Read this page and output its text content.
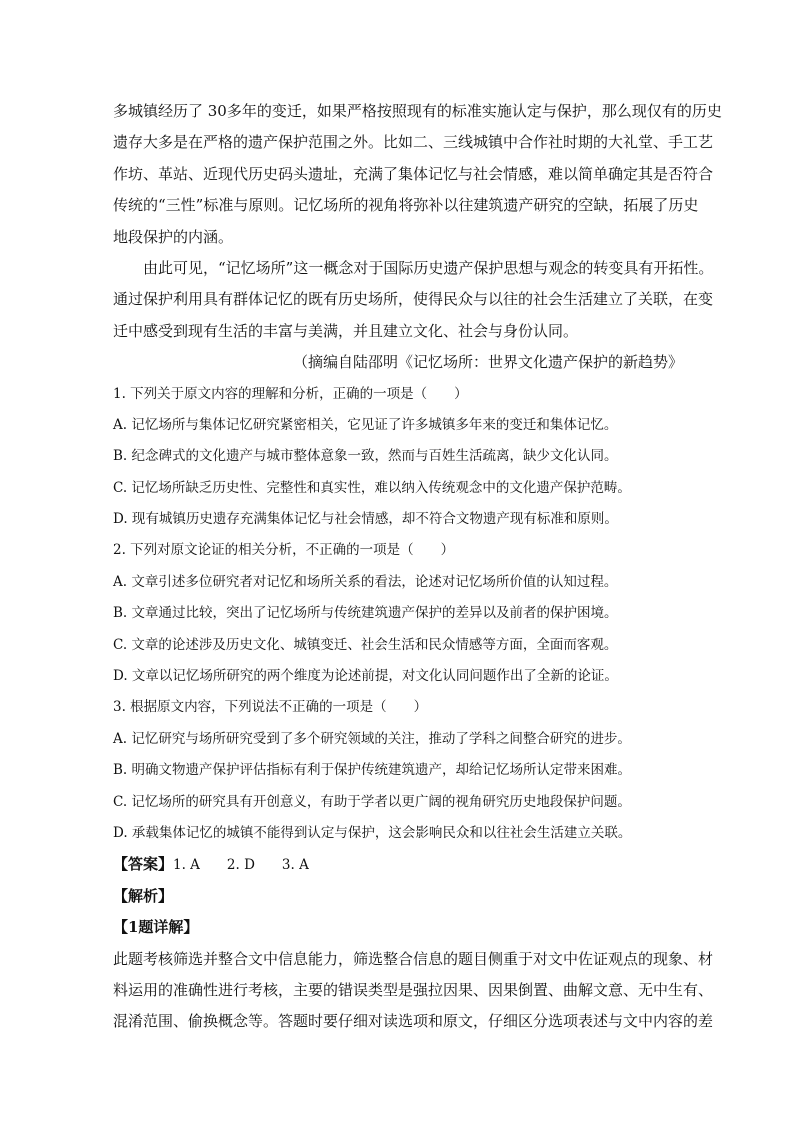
多城镇经历了 30多年的变迁，如果严格按照现有的标准实施认定与保护，那么现仅有的历史
遗存大多是在严格的遗产保护范围之外。比如二、三线城镇中合作社时期的大礼堂、手工艺
作坊、革站、近现代历史码头遗址，充满了集体记忆与社会情感，难以简单确定其是否符合
传统的“三性”标准与原则。记忆场所的视角将弥补以往建筑遗产研究的空缺，拓展了历史
地段保护的内涵。
由此可见，“记忆场所”这一概念对于国际历史遗产保护思想与观念的转变具有开拓性。
通过保护利用具有群体记忆的既有历史场所，使得民众与以往的社会生活建立了关联，在变
迁中感受到现有生活的丰富与美满，并且建立文化、社会与身份认同。
（摘编自陆邵明《记忆场所：世界文化遗产保护的新趋势》
1. 下列关于原文内容的理解和分析，正确的一项是（　　）
A. 记忆场所与集体记忆研究紧密相关，它见证了许多城镇多年来的变迁和集体记忆。
B. 纪念碑式的文化遗产与城市整体意象一致，然而与百姓生活疏离，缺少文化认同。
C. 记忆场所缺乏历史性、完整性和真实性，难以纳入传统观念中的文化遗产保护范畴。
D. 现有城镇历史遗存充满集体记忆与社会情感，却不符合文物遗产现有标准和原则。
2. 下列对原文论证的相关分析，不正确的一项是（　　）
A. 文章引述多位研究者对记忆和场所关系的看法，论述对记忆场所价值的认知过程。
B. 文章通过比较，突出了记忆场所与传统建筑遗产保护的差异以及前者的保护困境。
C. 文章的论述涉及历史文化、城镇变迁、社会生活和民众情感等方面，全面而客观。
D. 文章以记忆场所研究的两个维度为论述前提，对文化认同问题作出了全新的论证。
3. 根据原文内容，下列说法不正确的一项是（　　）
A. 记忆研究与场所研究受到了多个研究领域的关注，推动了学科之间整合研究的进步。
B. 明确文物遗产保护评估指标有利于保护传统建筑遗产，却给记忆场所认定带来困难。
C. 记忆场所的研究具有开创意义，有助于学者以更广阔的视角研究历史地段保护问题。
D. 承载集体记忆的城镇不能得到认定与保护，这会影响民众和以往社会生活建立关联。
【答案】1. A　　2. D　　3. A
【解析】
【1题详解】
此题考核筛选并整合文中信息能力，筛选整合信息的题目侧重于对文中佐证观点的现象、材
料运用的准确性进行考核，主要的错误类型是强拉因果、因果倒置、曲解文意、无中生有、
混淆范围、偷换概念等。答题时要仔细对读选项和原文，仔细区分选项表述与文中内容的差
